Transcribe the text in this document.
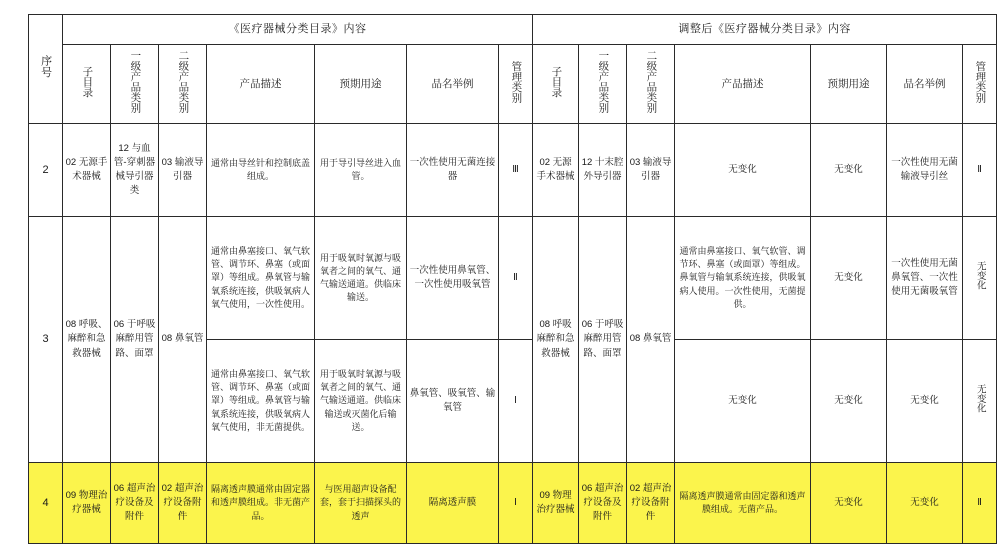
序号	《医疗器械分类目录》内容							调整后《医疗器械分类目录》内容						
	子目录	一级产品类别	二级产品类别	产品描述	预期用途	品名举例	管理类别	子目录	一级产品类别	二级产品类别	产品描述	预期用途	品名举例	管理类别
2	02 无源手术器械	12 与血管-穿刺器械导引器类	03 输液导引器	通常由导丝针和控制底盖组成。	用于导引导丝进入血管。	一次性使用无菌连接器	Ⅲ	02 无源手术器械	12 十末腔外导引器	03 输液导引器	无变化	无变化	一次性使用无菌输液导引丝	Ⅱ
3	08 呼吸、麻醉和急救器械	06 于呼吸麻醉用管路、面罩	08 鼻氧管	通常由鼻塞接口、氧气软管、调节环、鼻塞（或面罩）等组成。鼻氧管与输氧系统连接，供吸氧病人氧气使用，一次性使用。	用于吸氧时氧源与吸氧者之间的氧气、通气输送通道。供临床输送。	一次性使用鼻氧管、一次性使用吸氧管	Ⅱ	08 呼吸麻醉和急救器械	06 于呼吸麻醉用管路、面罩	08 鼻氧管	通常由鼻塞接口、氧气软管、调节环、鼻塞（或面罩）等组成。鼻氧管与输氧系统连接，供吸氧病人使用。一次性使用，无菌提供。	无变化	一次性使用无菌鼻氧管、一次性使用无菌吸氧管	无变化
				通常由鼻塞接口、氧气软管、调节环、鼻塞（或面罩）等组成。鼻氧管与输氧系统连接，供吸氧病人氧气使用，非无菌提供。	用于吸氧时氧源与吸氧者之间的氧气、通气输送通道。供临床输送或灭菌化后输送。	鼻氧管、吸氧管、输氧管	Ⅰ				无变化	无变化	无变化	无变化
4	09 物理治疗器械	06 超声治疗设备及附件	02 超声治疗设备附件	隔离透声膜通常由固定器和透声膜组成。非无菌产品。	与医用超声设备配套，套于扫描探头的透声	隔离透声膜	Ⅰ	09 物理治疗器械	06 超声治疗设备及附件	02 超声治疗设备附件	隔离透声膜通常由固定器和透声膜组成。无菌产品。	无变化	无变化	Ⅱ
